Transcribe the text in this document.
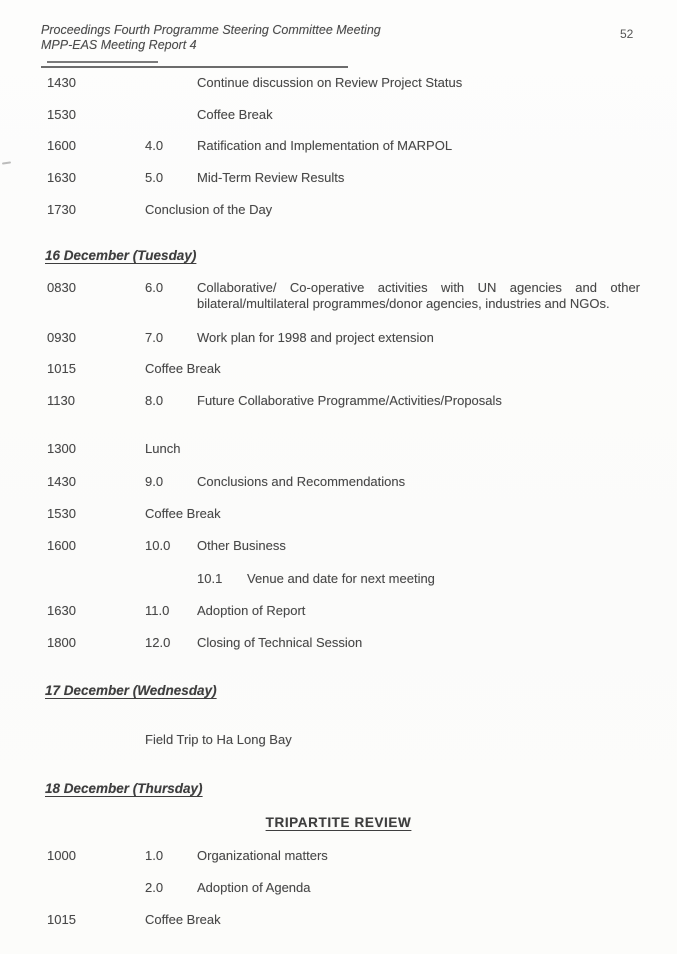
Proceedings Fourth Programme Steering Committee Meeting
MPP-EAS Meeting Report 4
52
1430	Continue discussion on Review Project Status
1530	Coffee Break
1600	4.0	Ratification and Implementation of MARPOL
1630	5.0	Mid-Term Review Results
1730	Conclusion of the Day
16 December (Tuesday)
0830	6.0	Collaborative/ Co-operative activities with UN agencies and other bilateral/multilateral programmes/donor agencies, industries and NGOs.
0930	7.0	Work plan for 1998 and project extension
1015	Coffee Break
1130	8.0	Future Collaborative Programme/Activities/Proposals
1300	Lunch
1430	9.0	Conclusions and Recommendations
1530	Coffee Break
1600	10.0 Other Business
10.1 Venue and date for next meeting
1630	11.0 Adoption of Report
1800	12.0 Closing of Technical Session
17 December (Wednesday)
Field Trip to Ha Long Bay
18 December (Thursday)
TRIPARTITE REVIEW
1000	1.0	Organizational matters
2.0	Adoption of Agenda
1015	Coffee Break
